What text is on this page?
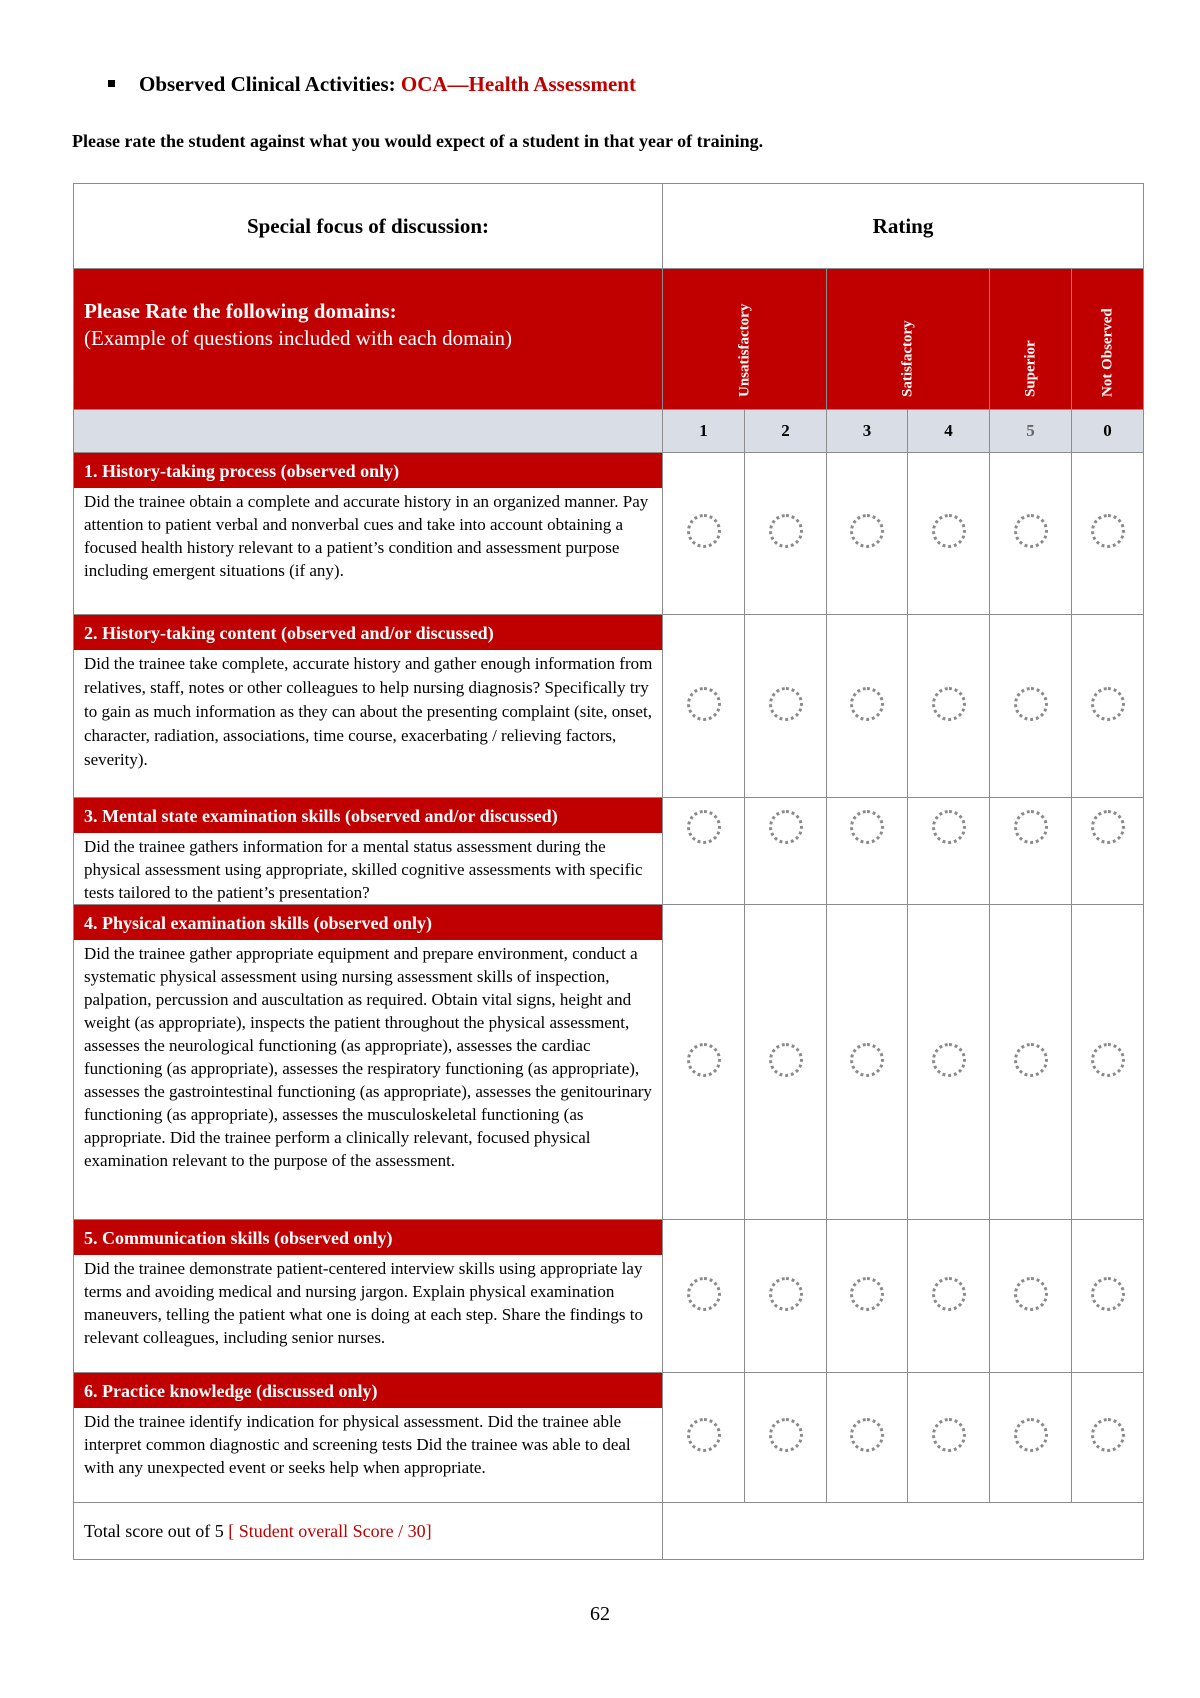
Observed Clinical Activities: OCA—Health Assessment
Please rate the student against what you would expect of a student in that year of training.
Special focus of discussion:	Rating					

Please Rate the following domains:
(Example of questions included with each domain)	Unsatisfactory		Satisfactory		Superior	Not Observed

	1	2	3	4	5	0

1. History-taking process (observed only)
Did the trainee obtain a complete and accurate history in an organized manner. Pay attention to patient verbal and nonverbal cues and take into account obtaining a focused health history relevant to a patient’s condition and assessment purpose including emergent situations (if any).						

2. History-taking content (observed and/or discussed)
Did the trainee take complete, accurate history and gather enough information from relatives, staff, notes or other colleagues to help nursing diagnosis? Specifically try to gain as much information as they can about the presenting complaint (site, onset, character, radiation, associations, time course, exacerbating / relieving factors, severity).						

3. Mental state examination skills (observed and/or discussed)
Did the trainee gathers information for a mental status assessment during the physical assessment using appropriate, skilled cognitive assessments with specific tests tailored to the patient’s presentation?						

4. Physical examination skills (observed only)
Did the trainee gather appropriate equipment and prepare environment, conduct a systematic physical assessment using nursing assessment skills of inspection, palpation, percussion and auscultation as required. Obtain vital signs, height and weight (as appropriate), inspects the patient throughout the physical assessment, assesses the neurological functioning (as appropriate), assesses the cardiac functioning (as appropriate), assesses the respiratory functioning (as appropriate), assesses the gastrointestinal functioning (as appropriate), assesses the genitourinary functioning (as appropriate), assesses the musculoskeletal functioning (as appropriate. Did the trainee perform a clinically relevant, focused physical examination relevant to the purpose of the assessment.						

5. Communication skills (observed only)
Did the trainee demonstrate patient-centered interview skills using appropriate lay terms and avoiding medical and nursing jargon. Explain physical examination maneuvers, telling the patient what one is doing at each step. Share the findings to relevant colleagues, including senior nurses.						

6. Practice knowledge (discussed only)
Did the trainee identify indication for physical assessment. Did the trainee able interpret common diagnostic and screening tests Did the trainee was able to deal with any unexpected event or seeks help when appropriate.						

Total score out of 5 [ Student overall Score / 30]						
62
